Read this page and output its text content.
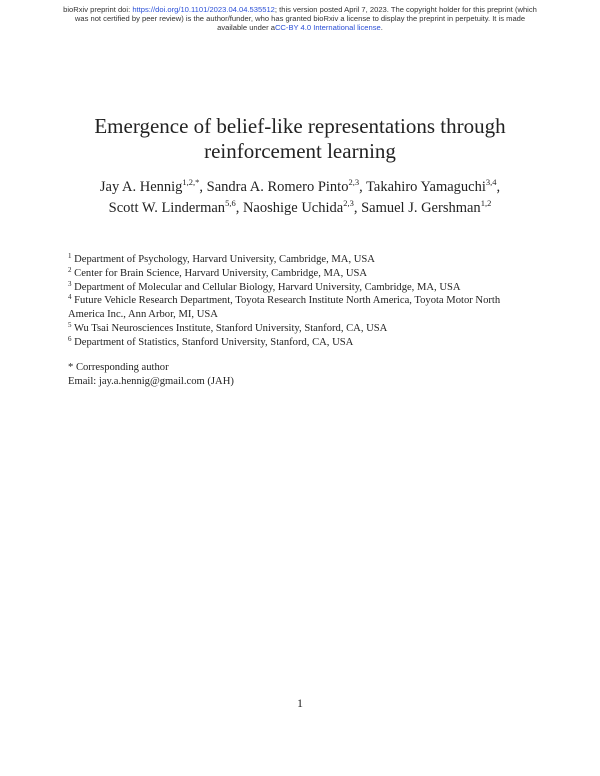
bioRxiv preprint doi: https://doi.org/10.1101/2023.04.04.535512; this version posted April 7, 2023. The copyright holder for this preprint (which
was not certified by peer review) is the author/funder, who has granted bioRxiv a license to display the preprint in perpetuity. It is made
available under aCC-BY 4.0 International license.
Emergence of belief-like representations through
reinforcement learning
Jay A. Hennig$^{1,2,*}$, Sandra A. Romero Pinto$^{2,3}$, Takahiro Yamaguchi$^{3,4}$,
Scott W. Linderman$^{5,6}$, Naoshige Uchida$^{2,3}$, Samuel J. Gershman$^{1,2}$
$^1$ Department of Psychology, Harvard University, Cambridge, MA, USA
$^2$ Center for Brain Science, Harvard University, Cambridge, MA, USA
$^3$ Department of Molecular and Cellular Biology, Harvard University, Cambridge, MA, USA
$^4$ Future Vehicle Research Department, Toyota Research Institute North America, Toyota Motor North America Inc., Ann Arbor, MI, USA
$^5$ Wu Tsai Neurosciences Institute, Stanford University, Stanford, CA, USA
$^6$ Department of Statistics, Stanford University, Stanford, CA, USA
* Corresponding author
Email: jay.a.hennig@gmail.com (JAH)
1
